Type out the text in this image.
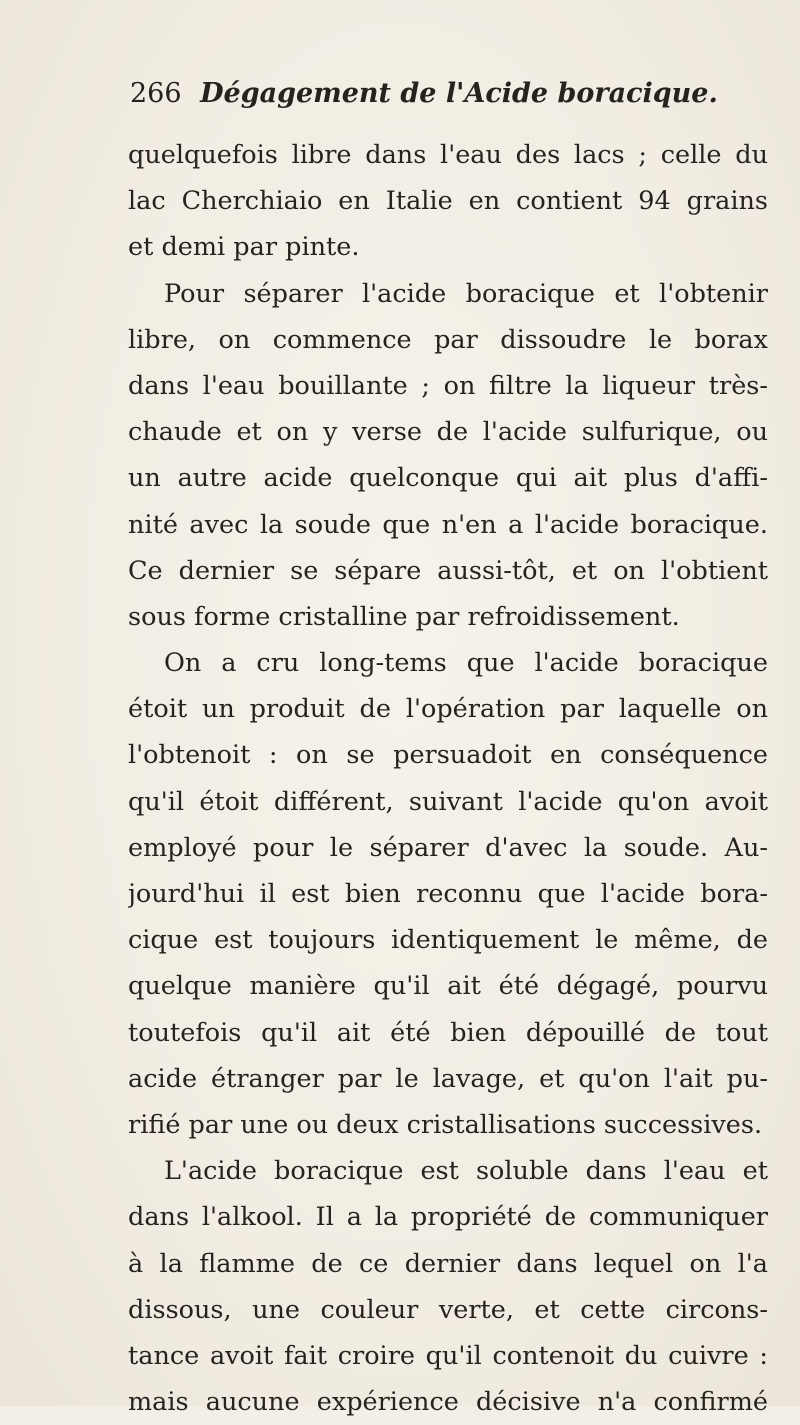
266 Dégagement de l'Acide boracique.
quelquefois libre dans l'eau des lacs ; celle du
lac Cherchiaio en Italie en contient 94 grains
et demi par pinte.
Pour séparer l'acide boracique et l'obtenir
libre, on commence par dissoudre le borax
dans l'eau bouillante ; on filtre la liqueur très-
chaude et on y verse de l'acide sulfurique, ou
un autre acide quelconque qui ait plus d'affi-
nité avec la soude que n'en a l'acide boracique.
Ce dernier se sépare aussi-tôt, et on l'obtient
sous forme cristalline par refroidissement.
On a cru long-tems que l'acide boracique
étoit un produit de l'opération par laquelle on
l'obtenoit : on se persuadoit en conséquence
qu'il étoit différent, suivant l'acide qu'on avoit
employé pour le séparer d'avec la soude. Au-
jourd'hui il est bien reconnu que l'acide bora-
cique est toujours identiquement le même, de
quelque manière qu'il ait été dégagé, pourvu
toutefois qu'il ait été bien dépouillé de tout
acide étranger par le lavage, et qu'on l'ait pu-
rifié par une ou deux cristallisations successives.
L'acide boracique est soluble dans l'eau et
dans l'alkool. Il a la propriété de communiquer
à la flamme de ce dernier dans lequel on l'a
dissous, une couleur verte, et cette circons-
tance avoit fait croire qu'il contenoit du cuivre :
mais aucune expérience décisive n'a confirmé
